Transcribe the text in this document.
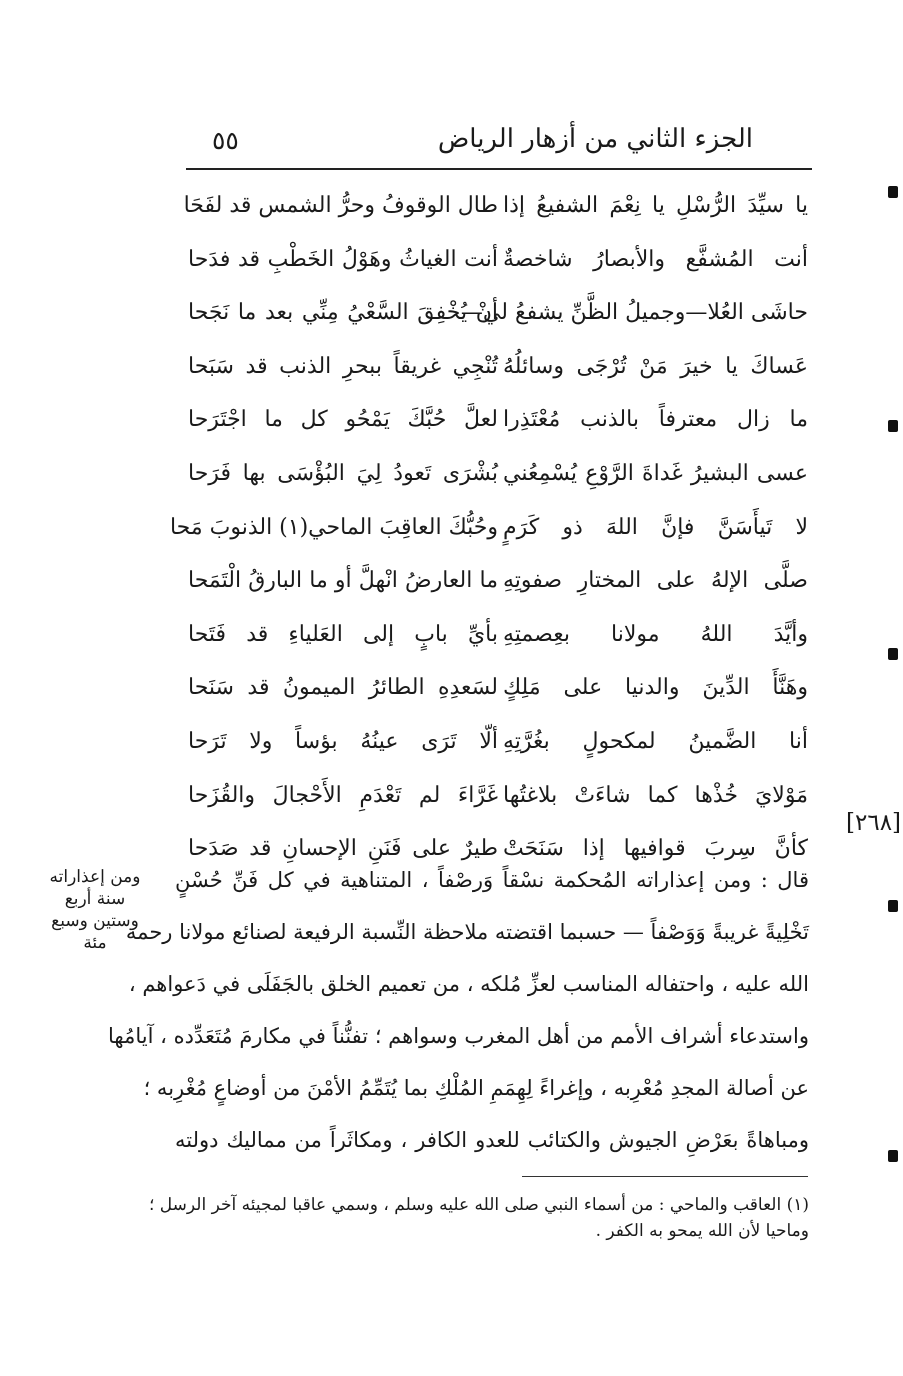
الجزء الثاني من أزهار الرياض
٥٥
يا سيِّدَ الرُّسْلِ يا نِعْمَ الشفيعُ إذا
طال الوقوفُ وحرُّ الشمس قد لفَحَا
أنت المُشفَّع والأبصارُ شاخصةٌ
أنت الغياثُ وهَوْلُ الخَطْبِ قد فدَحا
حاشَى العُلا—وجميلُ الظَّنِّ يشفعُ لي—
أنْ يُخْفِقَ السَّعْيُ مِنِّي بعد ما نَجَحا
عَساكَ يا خيرَ مَنْ تُرْجَى وسائلُهُ
تُنْجِي غريقاً ببحرِ الذنب قد سَبَحا
ما زال معترفاً بالذنب مُعْتَذِرا
لعلَّ حُبَّكَ يَمْحُو كل ما اجْتَرَحا
عسى البشيرُ غَداةَ الرَّوْعِ يُسْمِعُني
بُشْرَى تَعودُ لِيَ البُؤْسَى بها فَرَحا
لا تَيأَسَنَّ فإنَّ اللهَ ذو كَرَمٍ
وحُبُّكَ العاقِبَ الماحي(١) الذنوبَ مَحا
صلَّى الإلهُ على المختارِ صفوتِهِ
ما العارضُ انْهلَّ أو ما البارقُ الْتَمَحا
وأيَّدَ اللهُ مولانا بعِصمتِهِ
بأيِّ بابٍ إلى العَلياءِ قد فَتَحا
وهَنَّأَ الدِّينَ والدنيا على مَلِكٍ
لسَعدِهِ الطائرُ الميمونُ قد سَنَحا
أنا الضَّمينُ لمكحولٍ بغُرَّتِهِ
ألّا تَرَى عينُهُ بؤساً ولا تَرَحا
مَوْلايَ خُذْها كما شاءَتْ بلاغتُها
غَرَّاءَ لم تَعْدَمِ الأَحْجالَ والقُزَحا
كأنَّ سِربَ قوافيها إذا سَنَحَتْ
طيرٌ على فَنَنِ الإحسانِ قد صَدَحا
[٢٦٨]
ومن إعذاراته
سنة أربع
وستين وسبع
مئة
قال : ومن إعذاراته المُحكمة نسْقاً وَرصْفاً ، المتناهية في كل فَنِّ حُسْنٍ
تَخْلِيةً غريبةً وَوَصْفاً — حسبما اقتضته ملاحظة النِّسبة الرفيعة لصنائع مولانا رحمة
الله عليه ، واحتفاله المناسب لعزِّ مُلكه ، من تعميم الخلق بالجَفَلَى في دَعواهم ،
واستدعاء أشراف الأمم من أهل المغرب وسواهم ؛ تفنُّناً في مكارمَ مُتَعَدِّده ، آيامُها
عن أصالة المجدِ مُعْرِبه ، وإغراءً لِهِمَمِ المُلْكِ بما يُتَمِّمُ الأمْنَ من أوضاعٍ مُغْرِبه ؛
ومباهاةً بعَرْضِ الجيوش والكتائب للعدو الكافر ، ومكاثَراً من مماليك دولته
(١) العاقب والماحي : من أسماء النبي صلى الله عليه وسلم ، وسمي عاقبا لمجيئه آخر الرسل ؛
وماحيا لأن الله يمحو به الكفر .
